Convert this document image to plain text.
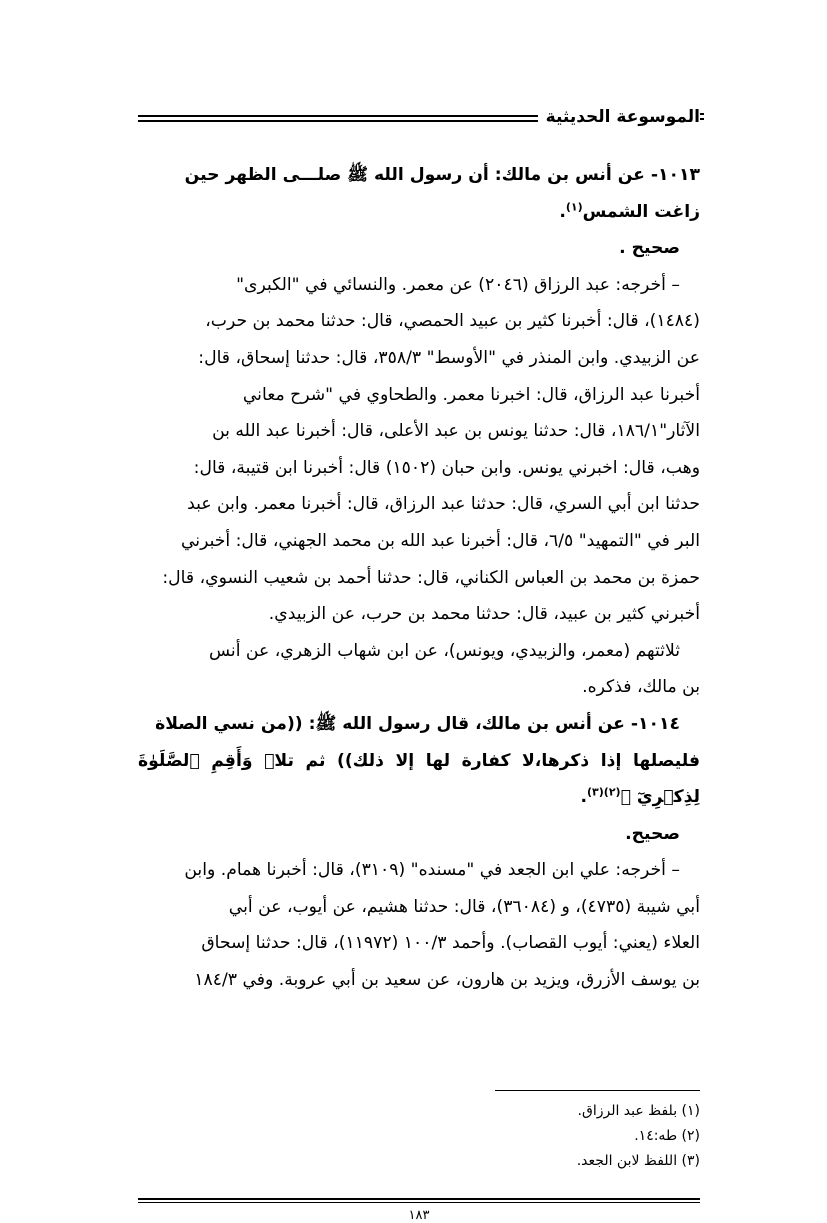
الموسوعة الحديثية

١٠١٣- عن أنس بن مالك: أن رسول الله ﷺ صلـــى الظهر حين

زاغت الشمس$^{(١)}$.

صحيح .

– أخرجه: عبد الرزاق (٢٠٤٦) عن معمر. والنسائي في "الكبرى"

(١٤٨٤)، قال: أخبرنا كثير بن عبيد الحمصي، قال: حدثنا محمد بن حرب،

عن الزبيدي. وابن المنذر في "الأوسط" ٣٥٨/٣، قال: حدثنا إسحاق، قال:

أخبرنا عبد الرزاق، قال: اخبرنا معمر. والطحاوي في "شرح معاني

الآثار"١٨٦/١، قال: حدثنا يونس بن عبد الأعلى، قال: أخبرنا عبد الله بن

وهب، قال: اخبرني يونس. وابن حبان (١٥٠٢) قال: أخبرنا ابن قتيبة، قال:

حدثنا ابن أبي السري، قال: حدثنا عبد الرزاق، قال: أخبرنا معمر. وابن عبد

البر في "التمهيد" ٦/٥، قال: أخبرنا عبد الله بن محمد الجهني، قال: أخبرني

حمزة بن محمد بن العباس الكناني، قال: حدثنا أحمد بن شعيب النسوي، قال:

أخبرني كثير بن عبيد، قال: حدثنا محمد بن حرب، عن الزبيدي.

ثلاثتهم (معمر، والزبيدي، ويونس)، عن ابن شهاب الزهري، عن أنس

بن مالك، فذكره.

١٠١٤- عن أنس بن مالك، قال رسول الله ﷺ: ((من نسي الصلاة

فليصلها إذا ذكرها،لا كفارة لها إلا ذلك)) ثم تلا﴿ وَأَقِمِ ٱلصَّلَوٰةَ لِذِكۡرِيٓ ﴾$^{(٢)(٣)}$.

صحيح.

– أخرجه: علي ابن الجعد في "مسنده" (٣١٠٩)، قال: أخبرنا همام. وابن

أبي شيبة (٤٧٣٥)، و (٣٦٠٨٤)، قال: حدثنا هشيم، عن أيوب، عن أبي

العلاء (يعني: أيوب القصاب). وأحمد ١٠٠/٣ (١١٩٧٢)، قال: حدثنا إسحاق

بن يوسف الأزرق، ويزيد بن هارون، عن سعيد بن أبي عروبة. وفي ١٨٤/٣

(١) بلفظ عبد الرزاق.
(٢) طه:١٤.
(٣) اللفظ لابن الجعد.
١٨٣
